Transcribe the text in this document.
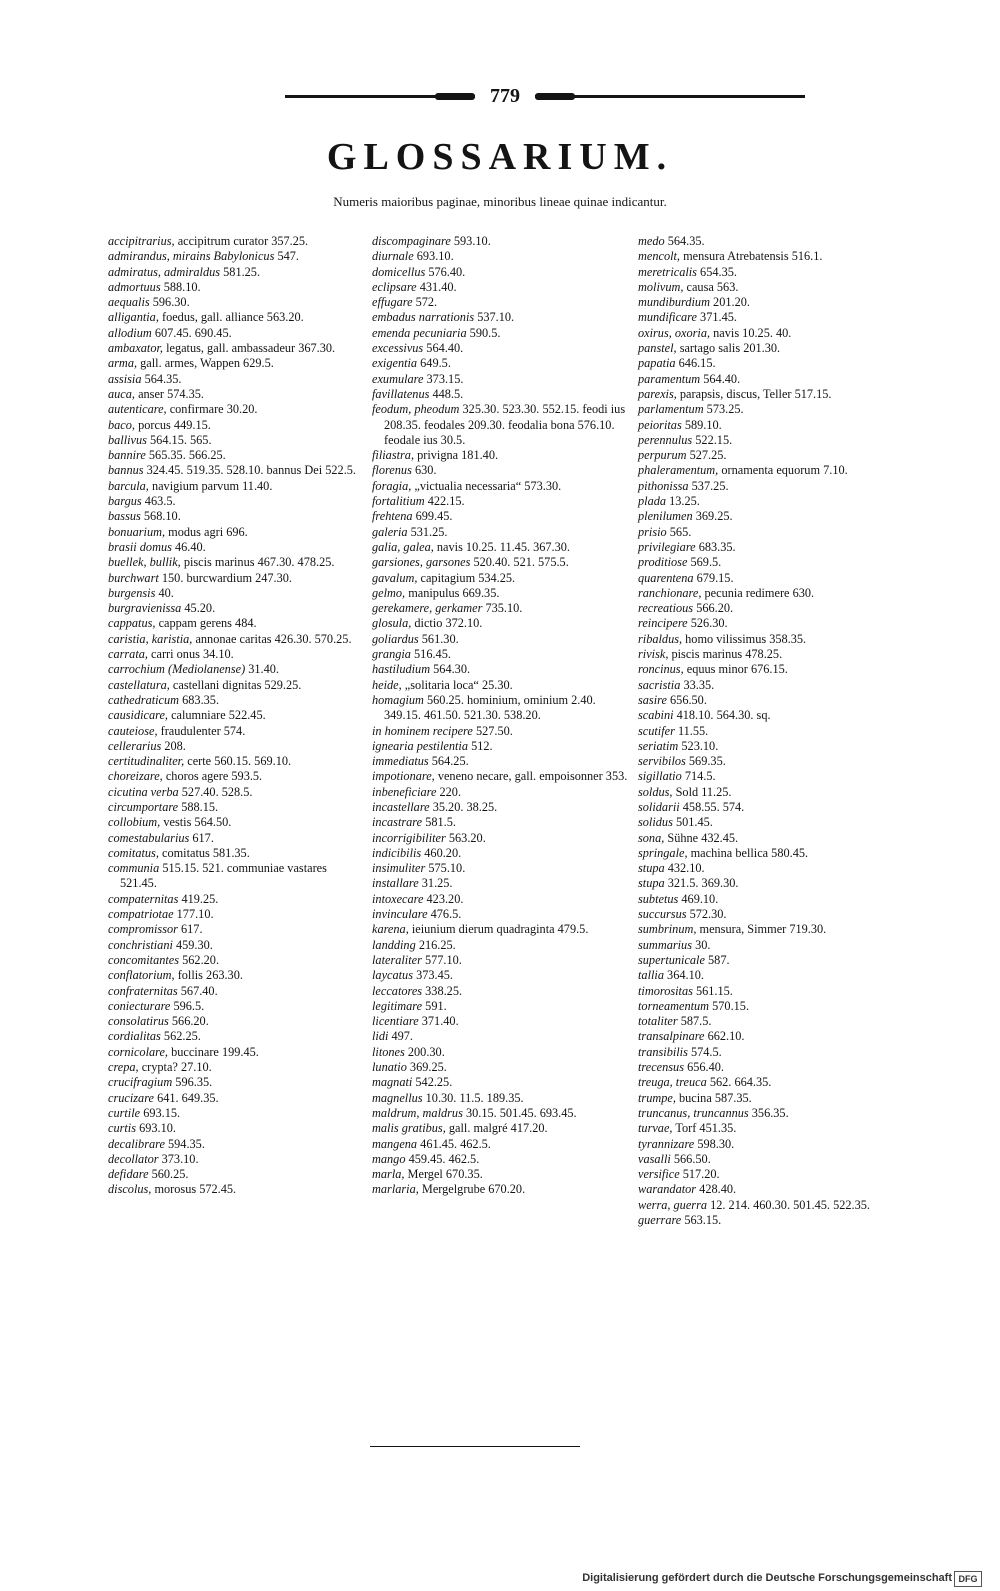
779
GLOSSARIUM.
Numeris maioribus paginae, minoribus lineae quinae indicantur.

accipitrarius, accipitrum curator 357.25.

admirandus, mirains Babylonicus 547.

admiratus, admiraldus 581.25.

admortuus 588.10.

aequalis 596.30.

alligantia, foedus, gall. alliance 563.20.

allodium 607.45. 690.45.

ambaxator, legatus, gall. ambassadeur 367.30.

arma, gall. armes, Wappen 629.5.

assisia 564.35.

auca, anser 574.35.

autenticare, confirmare 30.20.

baco, porcus 449.15.

ballivus 564.15. 565.

bannire 565.35. 566.25.

bannus 324.45. 519.35. 528.10. bannus Dei 522.5.

barcula, navigium parvum 11.40.

bargus 463.5.

bassus 568.10.

bonuarium, modus agri 696.

brasii domus 46.40.

buellek, bullik, piscis marinus 467.30. 478.25.

burchwart 150. burcwardium 247.30.

burgensis 40.

burgravienissa 45.20.

cappatus, cappam gerens 484.

caristia, karistia, annonae caritas 426.30. 570.25.

carrata, carri onus 34.10.

carrochium (Mediolanense) 31.40.

castellatura, castellani dignitas 529.25.

cathedraticum 683.35.

causidicare, calumniare 522.45.

cauteiose, fraudulenter 574.

cellerarius 208.

certitudinaliter, certe 560.15. 569.10.

choreizare, choros agere 593.5.

cicutina verba 527.40. 528.5.

circumportare 588.15.

collobium, vestis 564.50.

comestabularius 617.

comitatus, comitatus 581.35.

communia 515.15. 521. communiae vastares 521.45.

compaternitas 419.25.

compatriotae 177.10.

compromissor 617.

conchristiani 459.30.

concomitantes 562.20.

conflatorium, follis 263.30.

confraternitas 567.40.

coniecturare 596.5.

consolatirus 566.20.

cordialitas 562.25.

cornicolare, buccinare 199.45.

crepa, crypta? 27.10.

crucifragium 596.35.

crucizare 641. 649.35.

curtile 693.15.

curtis 693.10.

decalibrare 594.35.

decollator 373.10.

defidare 560.25.

discolus, morosus 572.45.

discompaginare 593.10.

diurnale 693.10.

domicellus 576.40.

eclipsare 431.40.

effugare 572.

embadus narrationis 537.10.

emenda pecuniaria 590.5.

excessivus 564.40.

exigentia 649.5.

exumulare 373.15.

favillatenus 448.5.

feodum, pheodum 325.30. 523.30. 552.15. feodi ius 208.35. feodales 209.30. feodalia bona 576.10. feodale ius 30.5.

filiastra, privigna 181.40.

florenus 630.

foragia, „victualia necessaria“ 573.30.

fortalitium 422.15.

frehtena 699.45.

galeria 531.25.

galia, galea, navis 10.25. 11.45. 367.30.

garsiones, garsones 520.40. 521. 575.5.

gavalum, capitagium 534.25.

gelmo, manipulus 669.35.

gerekamere, gerkamer 735.10.

glosula, dictio 372.10.

goliardus 561.30.

grangia 516.45.

hastiludium 564.30.

heide, „solitaria loca“ 25.30.

homagium 560.25. hominium, ominium 2.40. 349.15. 461.50. 521.30. 538.20.

in hominem recipere 527.50.

ignearia pestilentia 512.

immediatus 564.25.

impotionare, veneno necare, gall. empoisonner 353.

inbeneficiare 220.

incastellare 35.20. 38.25.

incastrare 581.5.

incorrigibiliter 563.20.

indicibilis 460.20.

insimuliter 575.10.

installare 31.25.

intoxecare 423.20.

invinculare 476.5.

karena, ieiunium dierum quadraginta 479.5.

landding 216.25.

lateraliter 577.10.

laycatus 373.45.

leccatores 338.25.

legitimare 591.

licentiare 371.40.

lidi 497.

litones 200.30.

lunatio 369.25.

magnati 542.25.

magnellus 10.30. 11.5. 189.35.

maldrum, maldrus 30.15. 501.45. 693.45.

malis gratibus, gall. malgré 417.20.

mangena 461.45. 462.5.

mango 459.45. 462.5.

marla, Mergel 670.35.

marlaria, Mergelgrube 670.20.

medo 564.35.

mencolt, mensura Atrebatensis 516.1.

meretricalis 654.35.

molivum, causa 563.

mundiburdium 201.20.

mundificare 371.45.

oxirus, oxoria, navis 10.25. 40.

panstel, sartago salis 201.30.

papatia 646.15.

paramentum 564.40.

parexis, parapsis, discus, Teller 517.15.

parlamentum 573.25.

peioritas 589.10.

perennulus 522.15.

perpurum 527.25.

phaleramentum, ornamenta equorum 7.10.

pithonissa 537.25.

plada 13.25.

plenilumen 369.25.

prisio 565.

privilegiare 683.35.

proditiose 569.5.

quarentena 679.15.

ranchionare, pecunia redimere 630.

recreatious 566.20.

reincipere 526.30.

ribaldus, homo vilissimus 358.35.

rivisk, piscis marinus 478.25.

roncinus, equus minor 676.15.

sacristia 33.35.

sasire 656.50.

scabini 418.10. 564.30. sq.

scutifer 11.55.

seriatim 523.10.

servibilos 569.35.

sigillatio 714.5.

soldus, Sold 11.25.

solidarii 458.55. 574.

solidus 501.45.

sona, Sühne 432.45.

springale, machina bellica 580.45.

stupa 432.10.

stupa 321.5. 369.30.

subtetus 469.10.

succursus 572.30.

sumbrinum, mensura, Simmer 719.30.

summarius 30.

supertunicale 587.

tallia 364.10.

timorositas 561.15.

torneamentum 570.15.

totaliter 587.5.

transalpinare 662.10.

transibilis 574.5.

trecensus 656.40.

treuga, treuca 562. 664.35.

trumpe, bucina 587.35.

truncanus, truncannus 356.35.

turvae, Torf 451.35.

tyrannizare 598.30.

vasalli 566.50.

versifice 517.20.

warandator 428.40.

werra, guerra 12. 214. 460.30. 501.45. 522.35.

guerrare 563.15.

Digitalisierung gefördert durch die Deutsche Forschungsgemeinschaft DFG
